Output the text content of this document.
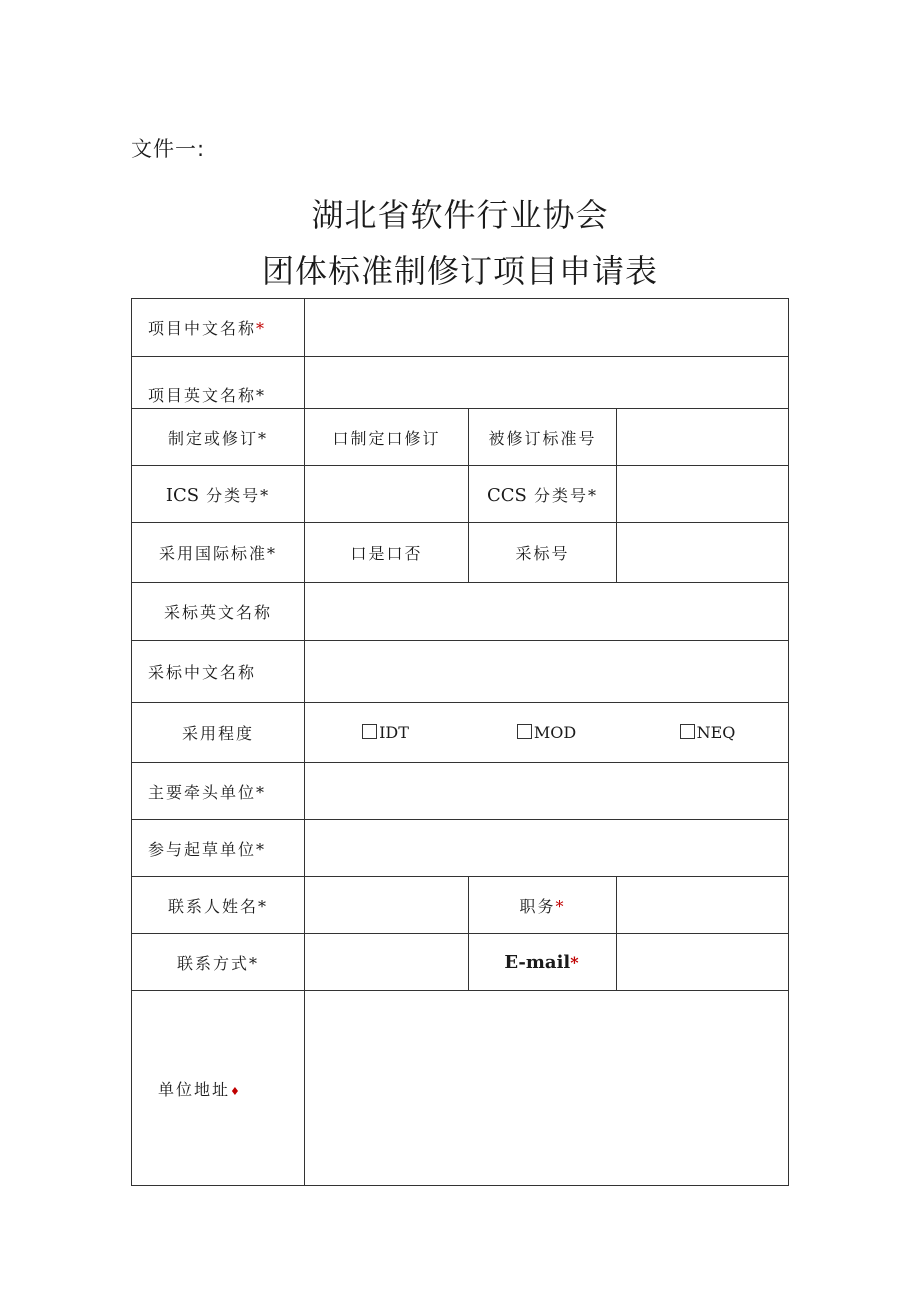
文件一:
湖北省软件行业协会
团体标准制修订项目申请表
项目中文名称*			
项目英文名称*			
制定或修订*	口制定口修订	被修订标准号	
ICS 分类号*		CCS 分类号*	
采用国际标准*	口是口否	采标号	
采标英文名称			
采标中文名称			
采用程度	IDT MOD NEQ		

主要牵头单位*			
参与起草单位*			
联系人姓名*		职务*	
联系方式*		E-mail*	
单位地址♦			
